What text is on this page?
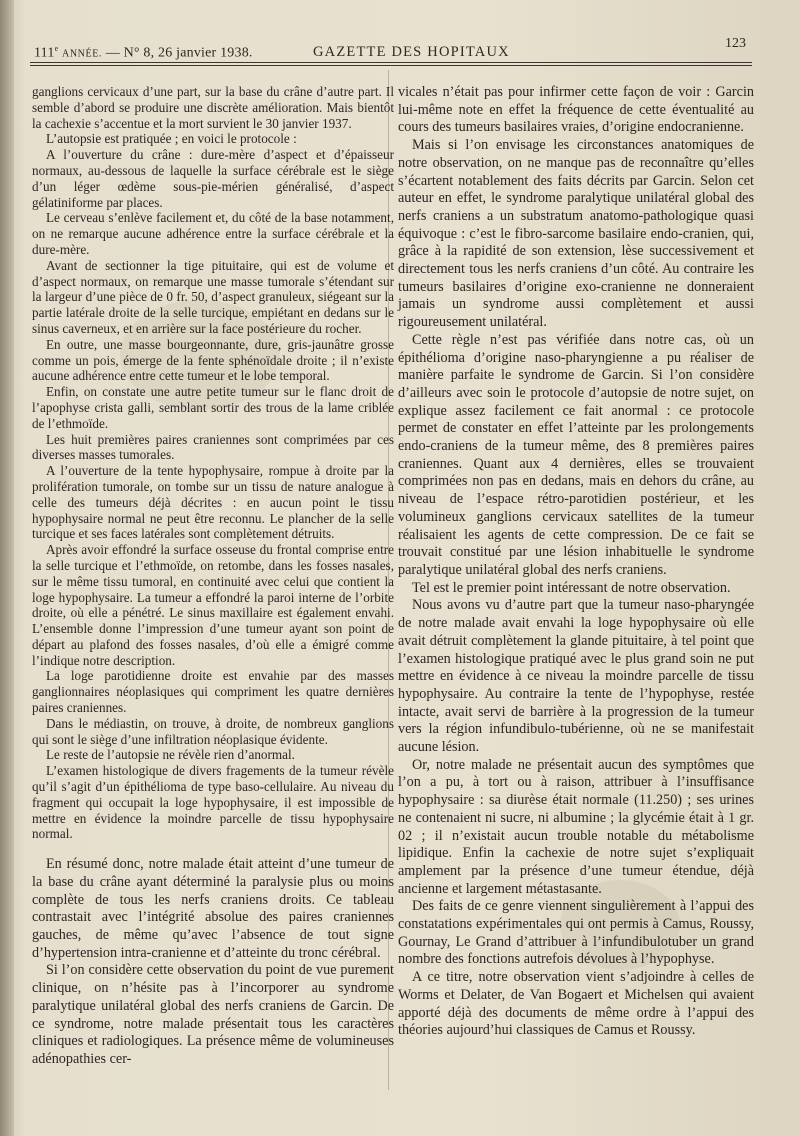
111e ANNÉE. — N° 8, 26 janvier 1938.	GAZETTE DES HOPITAUX
123

ganglions cervicaux d’une part, sur la base du crâne d’autre part. Il semble d’abord se produire une discrète amélioration. Mais bientôt la cachexie s’accentue et la mort survient le 30 janvier 1937.

L’autopsie est pratiquée ; en voici le protocole :

A l’ouverture du crâne : dure-mère d’aspect et d’épaisseur normaux, au-dessous de laquelle la surface cérébrale est le siège d’un léger œdème sous-pie-mérien généralisé, d’aspect gélatiniforme par places.

Le cerveau s’enlève facilement et, du côté de la base notamment, on ne remarque aucune adhérence entre la surface cérébrale et la dure-mère.

Avant de sectionner la tige pituitaire, qui est de volume et d’aspect normaux, on remarque une masse tumorale s’étendant sur la largeur d’une pièce de 0 fr. 50, d’aspect granuleux, siégeant sur la partie latérale droite de la selle turcique, empiétant en dedans sur le sinus caverneux, et en arrière sur la face postérieure du rocher.

En outre, une masse bourgeonnante, dure, gris-jaunâtre grosse comme un pois, émerge de la fente sphénoïdale droite ; il n’existe aucune adhérence entre cette tumeur et le lobe temporal.

Enfin, on constate une autre petite tumeur sur le flanc droit de l’apophyse crista galli, semblant sortir des trous de la lame criblée de l’ethmoïde.

Les huit premières paires craniennes sont comprimées par ces diverses masses tumorales.

A l’ouverture de la tente hypophysaire, rompue à droite par la prolifération tumorale, on tombe sur un tissu de nature analogue à celle des tumeurs déjà décrites : en aucun point le tissu hypophysaire normal ne peut être reconnu. Le plancher de la selle turcique et ses faces latérales sont complètement détruits.

Après avoir effondré la surface osseuse du frontal comprise entre la selle turcique et l’ethmoïde, on retombe, dans les fosses nasales, sur le même tissu tumoral, en continuité avec celui que contient la loge hypophysaire. La tumeur a effondré la paroi interne de l’orbite droite, où elle a pénétré. Le sinus maxillaire est également envahi. L’ensemble donne l’impression d’une tumeur ayant son point de départ au plafond des fosses nasales, d’où elle a émigré comme l’indique notre description.

La loge parotidienne droite est envahie par des masses ganglionnaires néoplasiques qui compriment les quatre dernières paires craniennes.

Dans le médiastin, on trouve, à droite, de nombreux ganglions qui sont le siège d’une infiltration néoplasique évidente.

Le reste de l’autopsie ne révèle rien d’anormal.

L’examen histologique de divers fragements de la tumeur révèle qu’il s’agit d’un épithélioma de type baso-cellulaire. Au niveau du fragment qui occupait la loge hypophysaire, il est impossible de mettre en évidence la moindre parcelle de tissu hypophysaire normal.

En résumé donc, notre malade était atteint d’une tumeur de la base du crâne ayant déterminé la paralysie plus ou moins complète de tous les nerfs craniens droits. Ce tableau contrastait avec l’intégrité absolue des paires craniennes gauches, de même qu’avec l’absence de tout signe d’hypertension intra-cranienne et d’atteinte du tronc cérébral.

Si l’on considère cette observation du point de vue purement clinique, on n’hésite pas à l’incorporer au syndrome paralytique unilatéral global des nerfs craniens de Garcin. De ce syndrome, notre malade présentait tous les caractères cliniques et radiologiques. La présence même de volumineuses adénopathies cer-

vicales n’était pas pour infirmer cette façon de voir : Garcin lui-même note en effet la fréquence de cette éventualité au cours des tumeurs basilaires vraies, d’origine endocranienne.

Mais si l’on envisage les circonstances anatomiques de notre observation, on ne manque pas de reconnaître qu’elles s’écartent notablement des faits décrits par Garcin. Selon cet auteur en effet, le syndrome paralytique unilatéral global des nerfs craniens a un substratum anatomo-pathologique quasi équivoque : c’est le fibro-sarcome basilaire endo-cranien, qui, grâce à la rapidité de son extension, lèse successivement et directement tous les nerfs craniens d’un côté. Au contraire les tumeurs basilaires d’origine exo-cranienne ne donneraient jamais un syndrome aussi complètement et aussi rigoureusement unilatéral.

Cette règle n’est pas vérifiée dans notre cas, où un épithélioma d’origine naso-pharyngienne a pu réaliser de manière parfaite le syndrome de Garcin. Si l’on considère d’ailleurs avec soin le protocole d’autopsie de notre sujet, on explique assez facilement ce fait anormal : ce protocole permet de constater en effet l’atteinte par les prolongements endo-craniens de la tumeur même, des 8 premières paires craniennes. Quant aux 4 dernières, elles se trouvaient comprimées non pas en dedans, mais en dehors du crâne, au niveau de l’espace rétro-parotidien postérieur, et les volumineux ganglions cervicaux satellites de la tumeur réalisaient les agents de cette compression. De ce fait se trouvait constitué par une lésion inhabituelle le syndrome paralytique unilatéral global des nerfs craniens.

Tel est le premier point intéressant de notre observation.

Nous avons vu d’autre part que la tumeur naso-pharyngée de notre malade avait envahi la loge hypophysaire où elle avait détruit complètement la glande pituitaire, à tel point que l’examen histologique pratiqué avec le plus grand soin ne put mettre en évidence à ce niveau la moindre parcelle de tissu hypophysaire. Au contraire la tente de l’hypophyse, restée intacte, avait servi de barrière à la progression de la tumeur vers la région infundibulo-tubérienne, où ne se manifestait aucune lésion.

Or, notre malade ne présentait aucun des symptômes que l’on a pu, à tort ou à raison, attribuer à l’insuffisance hypophysaire : sa diurèse était normale (11.250) ; ses urines ne contenaient ni sucre, ni albumine ; la glycémie était à 1 gr. 02 ; il n’existait aucun trouble notable du métabolisme lipidique. Enfin la cachexie de notre sujet s’expliquait amplement par la présence d’une tumeur étendue, déjà ancienne et largement métastasante.

Des faits de ce genre viennent singulièrement à l’appui des constatations expérimentales qui ont permis à Camus, Roussy, Gournay, Le Grand d’attribuer à l’infundibulotuber un grand nombre des fonctions autrefois dévolues à l’hypophyse.

A ce titre, notre observation vient s’adjoindre à celles de Worms et Delater, de Van Bogaert et Michelsen qui avaient apporté déjà des documents de même ordre à l’appui des théories aujourd’hui classiques de Camus et Roussy.
